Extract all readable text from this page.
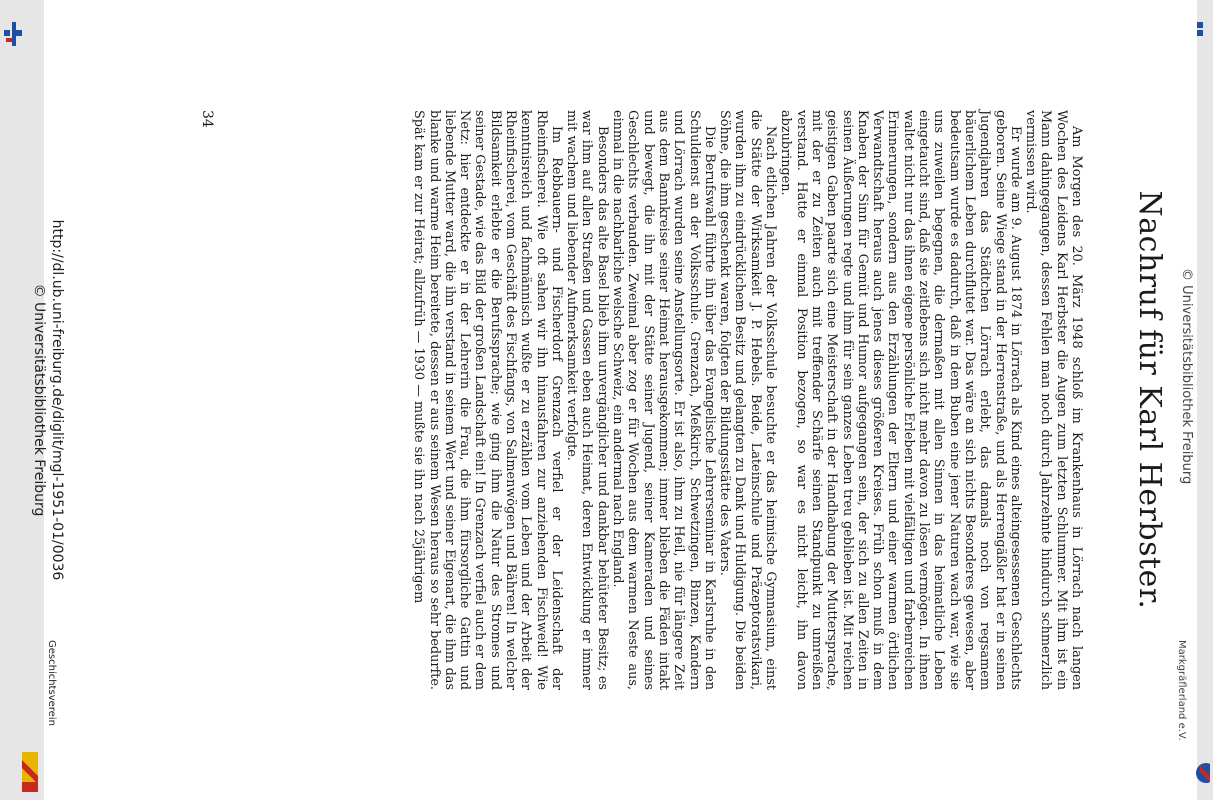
Nachruf für Karl Herbster.

Am Morgen des 20. März 1948 schloß im Krankenhaus in Lörrach nach langen Wochen des Leidens Karl Herbster die Augen zum letzten Schlummer. Mit ihm ist ein Mann dahingegangen, dessen Fehlen man noch durch Jahrzehnte hindurch schmerzlich vermissen wird.

Er wurde am 9. August 1874 in Lörrach als Kind eines alteingesessenen Geschlechts geboren. Seine Wiege stand in der Herrenstraße, und als Herrengäßler hat er in seinen Jugendjahren das Städtchen Lörrach erlebt, das damals noch von regsamem bäuerlichem Leben durchflutet war. Das wäre an sich nichts Besonderes gewesen, aber bedeutsam wurde es dadurch, daß in dem Buben eine jener Naturen wach war, wie sie uns zuweilen begegnen, die dermaßen mit allen Sinnen in das heimatliche Leben eingetaucht sind, daß sie zeitlebens sich nicht mehr davon zu lösen vermögen. In ihnen waltet nicht nur das ihnen eigene persönliche Erleben mit vielfältigen und farbenreichen Erinnerungen, sondern aus den Erzählungen der Eltern und einer warmen örtlichen Verwandtschaft heraus auch jenes dieses größeren Kreises. Früh schon muß in dem Knaben der Sinn für Gemüt und Humor aufgegangen sein, der sich zu allen Zeiten in seinen Äußerungen regte und ihm für sein ganzes Leben treu geblieben ist. Mit reichen geistigen Gaben paarte sich eine Meisterschaft in der Handhabung der Muttersprache, mit der er zu Zeiten auch mit treffender Schärfe seinen Standpunkt zu umreißen verstand. Hatte er einmal Position bezogen, so war es nicht leicht, ihn davon abzubringen.

Nach etlichen Jahren der Volksschule besuchte er das heimische Gymnasium, einst die Stätte der Wirksamkeit J. P. Hebels. Beide, Lateinschule und Präzeptoratsvikari, wurden ihm zu eindrücklichem Besitz und gelangten zu Dank und Huldigung. Die beiden Söhne, die ihm geschenkt waren, folgten der Bildungsstätte des Vaters.

Die Berufswahl führte ihn über das Evangelische Lehrerseminar in Karlsruhe in den Schuldienst an der Volksschule. Grenzach, Meßkirch, Schwetzingen, Binzen, Kandern und Lörrach wurden seine Anstellungsorte. Er ist also, ihm zu Heil, nie für längere Zeit aus dem Bannkreise seiner Heimat herausgekommen; immer blieben die Fäden intakt und bewegt, die ihn mit der Stätte seiner Jugend, seiner Kameraden und seines Geschlechts verbanden. Zweimal aber zog er für Wochen aus dem warmen Neste aus, einmal in die nachbarliche welsche Schweiz, ein andermal nach England.

Besonders das alte Basel blieb ihm unvergänglicher und dankbar behüteter Besitz; es war ihm auf allen Straßen und Gassen eben auch Heimat, deren Entwicklung er immer mit wachem und liebender Aufmerksamkeit verfolgte.

Im Rebbauern- und Fischerdorf Grenzach verfiel er der Leidenschaft der Rheinfischerei. Wie oft sahen wir ihn hinausfahren zur anziehenden Fischweid! Wie kenntnisreich und fachmännisch wußte er zu erzählen vom Leben und der Arbeit der Rheinfischerei, vom Geschäft des Fischfangs, von Salmenwögen und Bähren! In welcher Bildsamkeit erlebte er die Berufssprache; wie ging ihm die Natur des Stromes und seiner Gestade, wie das Bild der großen Landschaft ein! In Grenzach verfiel auch er dem Netz: hier entdeckte er in der Lehrerin die Frau, die ihm fürsorgliche Gattin und liebende Mutter ward, die ihn verstand in seinem Wert und seiner Eigenart, die ihm das blanke und warme Heim bereitete, dessen er aus seinem Wesen heraus so sehr bedurfte. Spät kam er zur Heirat; allzufrüh — 1930 — mußte sie ihn nach 25jährigem

34
http://dl.ub.uni-freiburg.de/diglit/mgl-1951-01/0036
© Universitätsbibliothek Freiburg
Geschichtsverein
© Universitätsbibliothek Freiburg
Markgräflerland e.V.
